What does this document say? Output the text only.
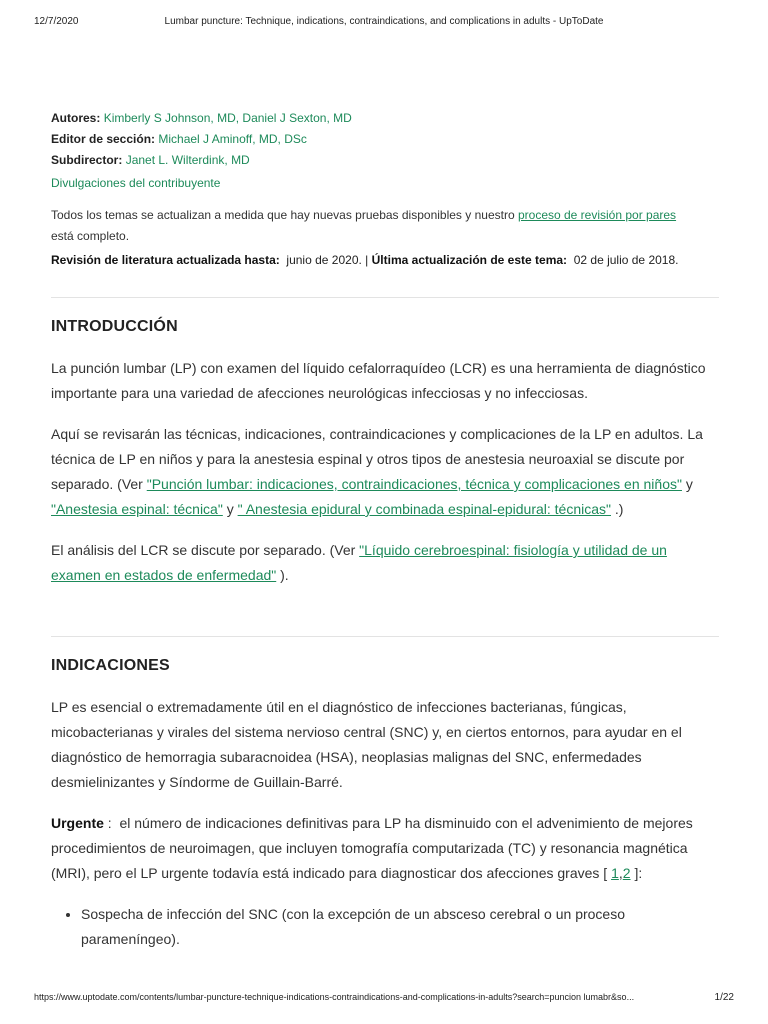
12/7/2020	Lumbar puncture: Technique, indications, contraindications, and complications in adults - UpToDate
Autores: Kimberly S Johnson, MD, Daniel J Sexton, MD
Editor de sección: Michael J Aminoff, MD, DSc
Subdirector: Janet L. Wilterdink, MD
Divulgaciones del contribuyente
Todos los temas se actualizan a medida que hay nuevas pruebas disponibles y nuestro proceso de revisión por pares
está completo.
Revisión de literatura actualizada hasta: junio de 2020. | Última actualización de este tema: 02 de julio de 2018.
INTRODUCCIÓN

La punción lumbar (LP) con examen del líquido cefalorraquídeo (LCR) es una herramienta de diagnóstico importante para una variedad de afecciones neurológicas infecciosas y no infecciosas.

Aquí se revisarán las técnicas, indicaciones, contraindicaciones y complicaciones de la LP en adultos. La técnica de LP en niños y para la anestesia espinal y otros tipos de anestesia neuroaxial se discute por separado. (Ver "Punción lumbar: indicaciones, contraindicaciones, técnica y complicaciones en niños" y "Anestesia espinal: técnica" y " Anestesia epidural y combinada espinal-epidural: técnicas" .)

El análisis del LCR se discute por separado. (Ver "Líquido cerebroespinal: fisiología y utilidad de un examen en estados de enfermedad" ).

INDICACIONES

LP es esencial o extremadamente útil en el diagnóstico de infecciones bacterianas, fúngicas, micobacterianas y virales del sistema nervioso central (SNC) y, en ciertos entornos, para ayudar en el diagnóstico de hemorragia subaracnoidea (HSA), neoplasias malignas del SNC, enfermedades desmielinizantes y Síndorme de Guillain-Barré.

Urgente : el número de indicaciones definitivas para LP ha disminuido con el advenimiento de mejores procedimientos de neuroimagen, que incluyen tomografía computarizada (TC) y resonancia magnética (MRI), pero el LP urgente todavía está indicado para diagnosticar dos afecciones graves [ 1,2 ]:

• Sospecha de infección del SNC (con la excepción de un absceso cerebral o un proceso parameníngeo).
https://www.uptodate.com/contents/lumbar-puncture-technique-indications-contraindications-and-complications-in-adults?search=puncion lumabr&so...	1/22
